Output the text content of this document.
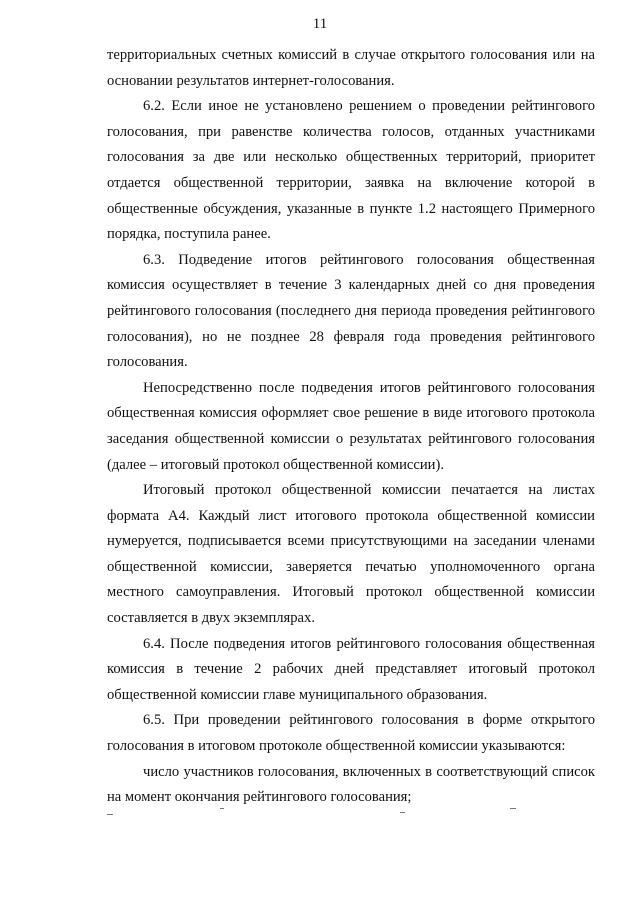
11

территориальных счетных комиссий в случае открытого голосования или на основании результатов интернет-голосования.

6.2. Если иное не установлено решением о проведении рейтингового голосования, при равенстве количества голосов, отданных участниками голосования за две или несколько общественных территорий, приоритет отдается общественной территории, заявка на включение которой в общественные обсуждения, указанные в пункте 1.2 настоящего Примерного порядка, поступила ранее.

6.3. Подведение итогов рейтингового голосования общественная комиссия осуществляет в течение 3 календарных дней со дня проведения рейтингового голосования (последнего дня периода проведения рейтингового голосования), но не позднее 28 февраля года проведения рейтингового голосования.

Непосредственно после подведения итогов рейтингового голосования общественная комиссия оформляет свое решение в виде итогового протокола заседания общественной комиссии о результатах рейтингового голосования (далее – итоговый протокол общественной комиссии).

Итоговый протокол общественной комиссии печатается на листах формата А4. Каждый лист итогового протокола общественной комиссии нумеруется, подписывается всеми присутствующими на заседании членами общественной комиссии, заверяется печатью уполномоченного органа местного самоуправления. Итоговый протокол общественной комиссии составляется в двух экземплярах.

6.4. После подведения итогов рейтингового голосования общественная комиссия в течение 2 рабочих дней представляет итоговый протокол общественной комиссии главе муниципального образования.

6.5. При проведении рейтингового голосования в форме открытого голосования в итоговом протоколе общественной комиссии указываются:

число участников голосования, включенных в соответствующий список на момент окончания рейтингового голосования;
